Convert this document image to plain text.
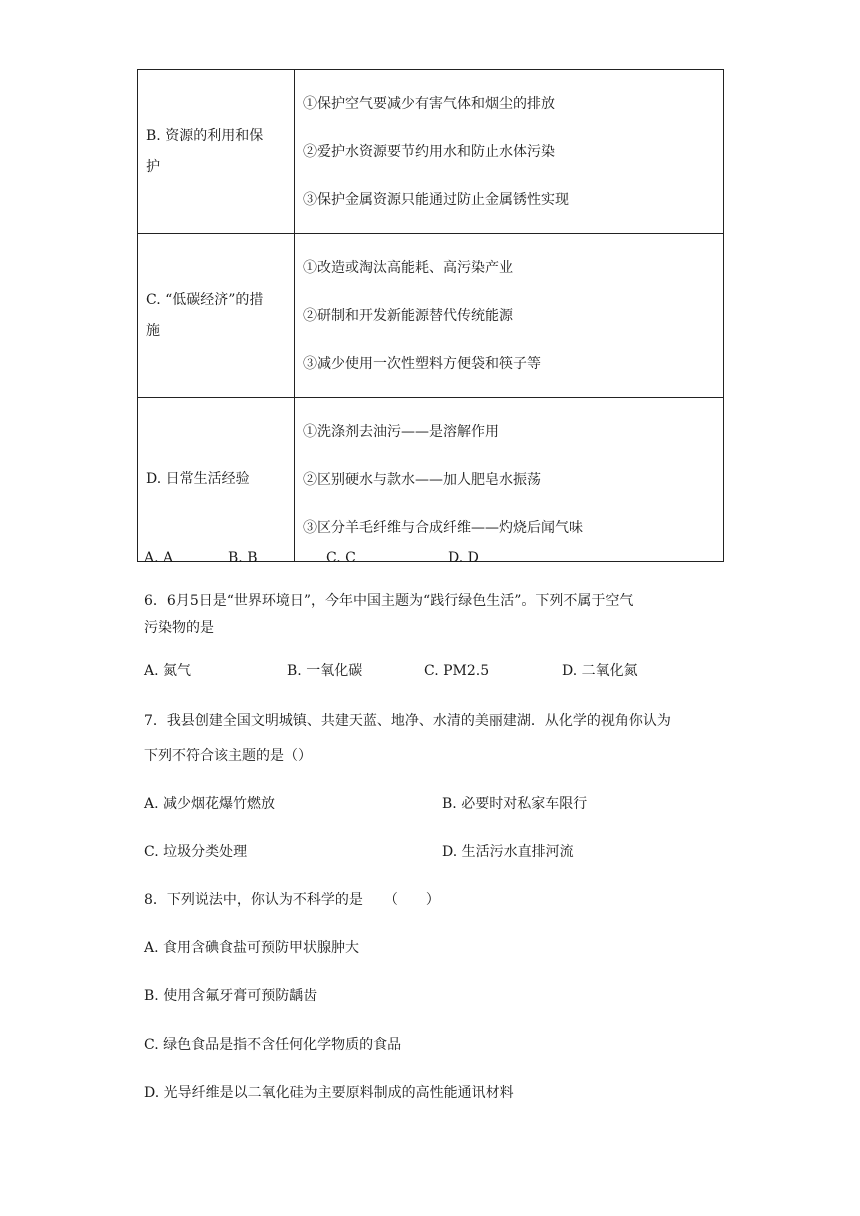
B. 资源的利用和保护	①保护空气要减少有害气体和烟尘的排放
②爱护水资源要节约用水和防止水体污染
③保护金属资源只能通过防止金属锈性实现

C. “低碳经济”的措施	①改造或淘汰高能耗、高污染产业
②研制和开发新能源替代传统能源
③减少使用一次性塑料方便袋和筷子等

D. 日常生活经验	①洗涤剂去油污——是溶解作用
②区别硬水与款水——加人肥皂水振荡
③区分羊毛纤维与合成纤维——灼烧后闻气味
A. A	B. B	C. C	D. D
6．6月5日是“世界环境日”，今年中国主题为“践行绿色生活”。下列不属于空气
污染物的是
A. 氮气	B. 一氧化碳	C. PM2.5	D. 二氧化氮
7．我县创建全国文明城镇、共建天蓝、地净、水清的美丽建湖．从化学的视角你认为
下列不符合该主题的是（）
A. 减少烟花爆竹燃放	B. 必要时对私家车限行
C. 垃圾分类处理	D. 生活污水直排河流
8．下列说法中，你认为不科学的是　　（　　）
A. 食用含碘食盐可预防甲状腺肿大
B. 使用含氟牙膏可预防龋齿
C. 绿色食品是指不含任何化学物质的食品
D. 光导纤维是以二氧化硅为主要原料制成的高性能通讯材料
